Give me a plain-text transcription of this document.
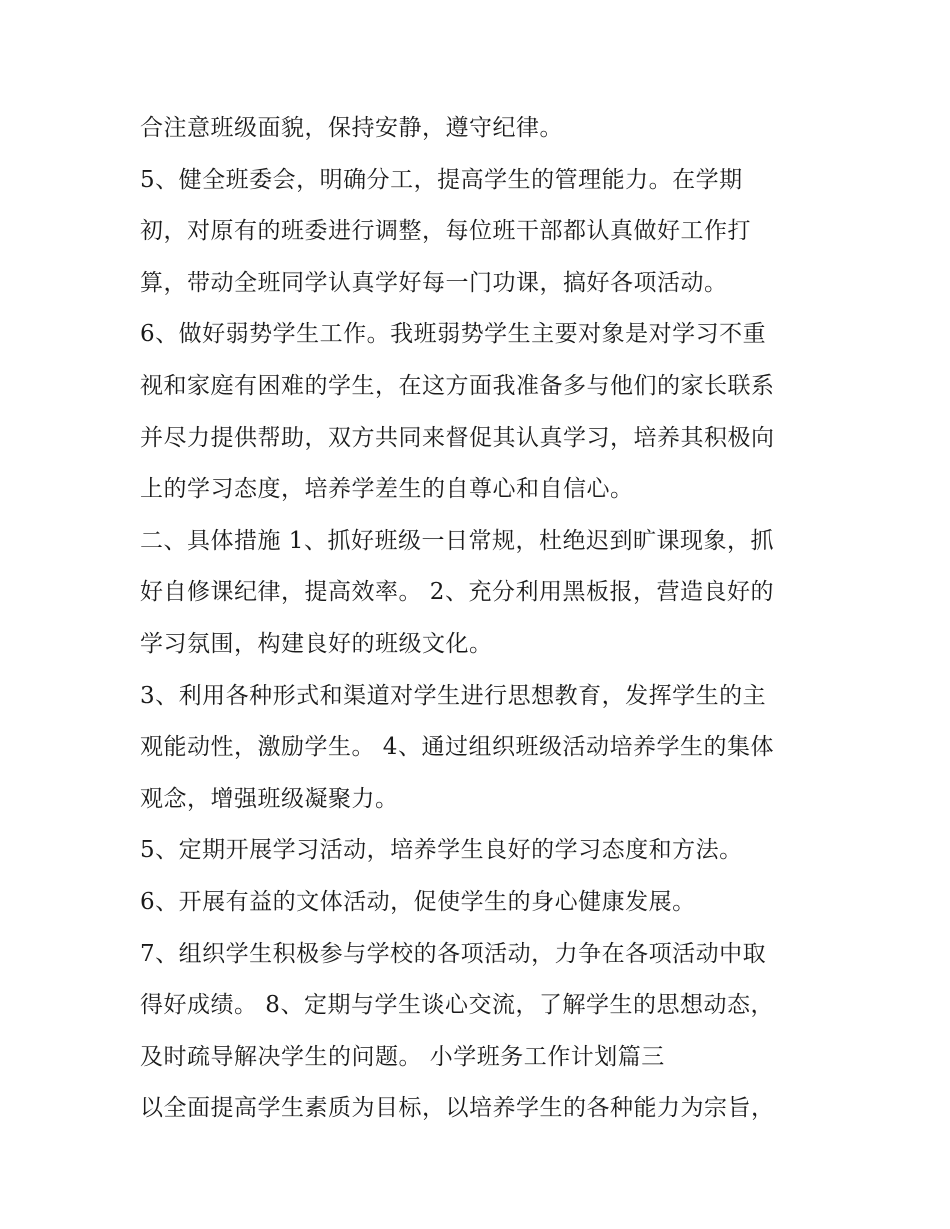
合注意班级面貌，保持安静，遵守纪律。
5、健全班委会，明确分工，提高学生的管理能力。在学期
初，对原有的班委进行调整，每位班干部都认真做好工作打
算，带动全班同学认真学好每一门功课，搞好各项活动。
6、做好弱势学生工作。我班弱势学生主要对象是对学习不重
视和家庭有困难的学生，在这方面我准备多与他们的家长联系
并尽力提供帮助，双方共同来督促其认真学习，培养其积极向
上的学习态度，培养学差生的自尊心和自信心。
二、具体措施 1、抓好班级一日常规，杜绝迟到旷课现象，抓
好自修课纪律，提高效率。 2、充分利用黑板报，营造良好的
学习氛围，构建良好的班级文化。
3、利用各种形式和渠道对学生进行思想教育，发挥学生的主
观能动性，激励学生。 4、通过组织班级活动培养学生的集体
观念，增强班级凝聚力。
5、定期开展学习活动，培养学生良好的学习态度和方法。
6、开展有益的文体活动，促使学生的身心健康发展。
7、组织学生积极参与学校的各项活动，力争在各项活动中取
得好成绩。 8、定期与学生谈心交流，了解学生的思想动态，
及时疏导解决学生的问题。 小学班务工作计划篇三
以全面提高学生素质为目标，以培养学生的各种能力为宗旨，
